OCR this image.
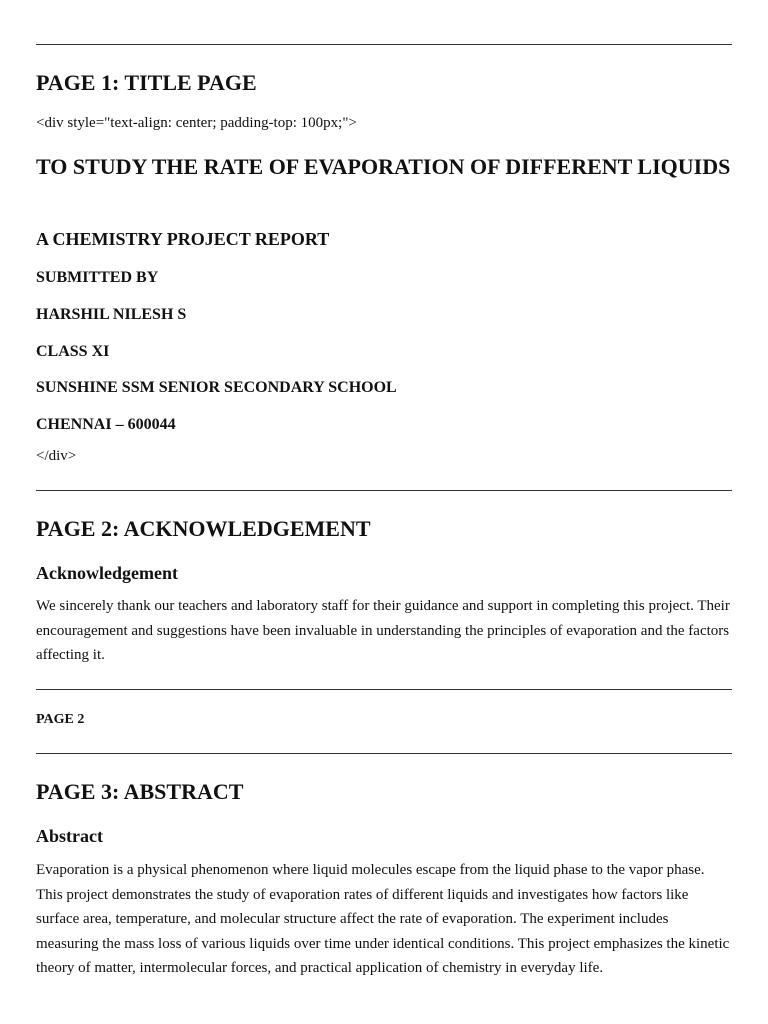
PAGE 1: TITLE PAGE

<div style="text-align: center; padding-top: 100px;">

TO STUDY THE RATE OF EVAPORATION OF DIFFERENT LIQUIDS

A CHEMISTRY PROJECT REPORT

SUBMITTED BY

HARSHIL NILESH S

CLASS XI

SUNSHINE SSM SENIOR SECONDARY SCHOOL

CHENNAI – 600044

</div>

PAGE 2: ACKNOWLEDGEMENT
Acknowledgement

We sincerely thank our teachers and laboratory staff for their guidance and support in completing this project. Their encouragement and suggestions have been invaluable in understanding the principles of evaporation and the factors affecting it.

PAGE 2

PAGE 3: ABSTRACT
Abstract

Evaporation is a physical phenomenon where liquid molecules escape from the liquid phase to the vapor phase. This project demonstrates the study of evaporation rates of different liquids and investigates how factors like surface area, temperature, and molecular structure affect the rate of evaporation. The experiment includes measuring the mass loss of various liquids over time under identical conditions. This project emphasizes the kinetic theory of matter, intermolecular forces, and practical application of chemistry in everyday life.
